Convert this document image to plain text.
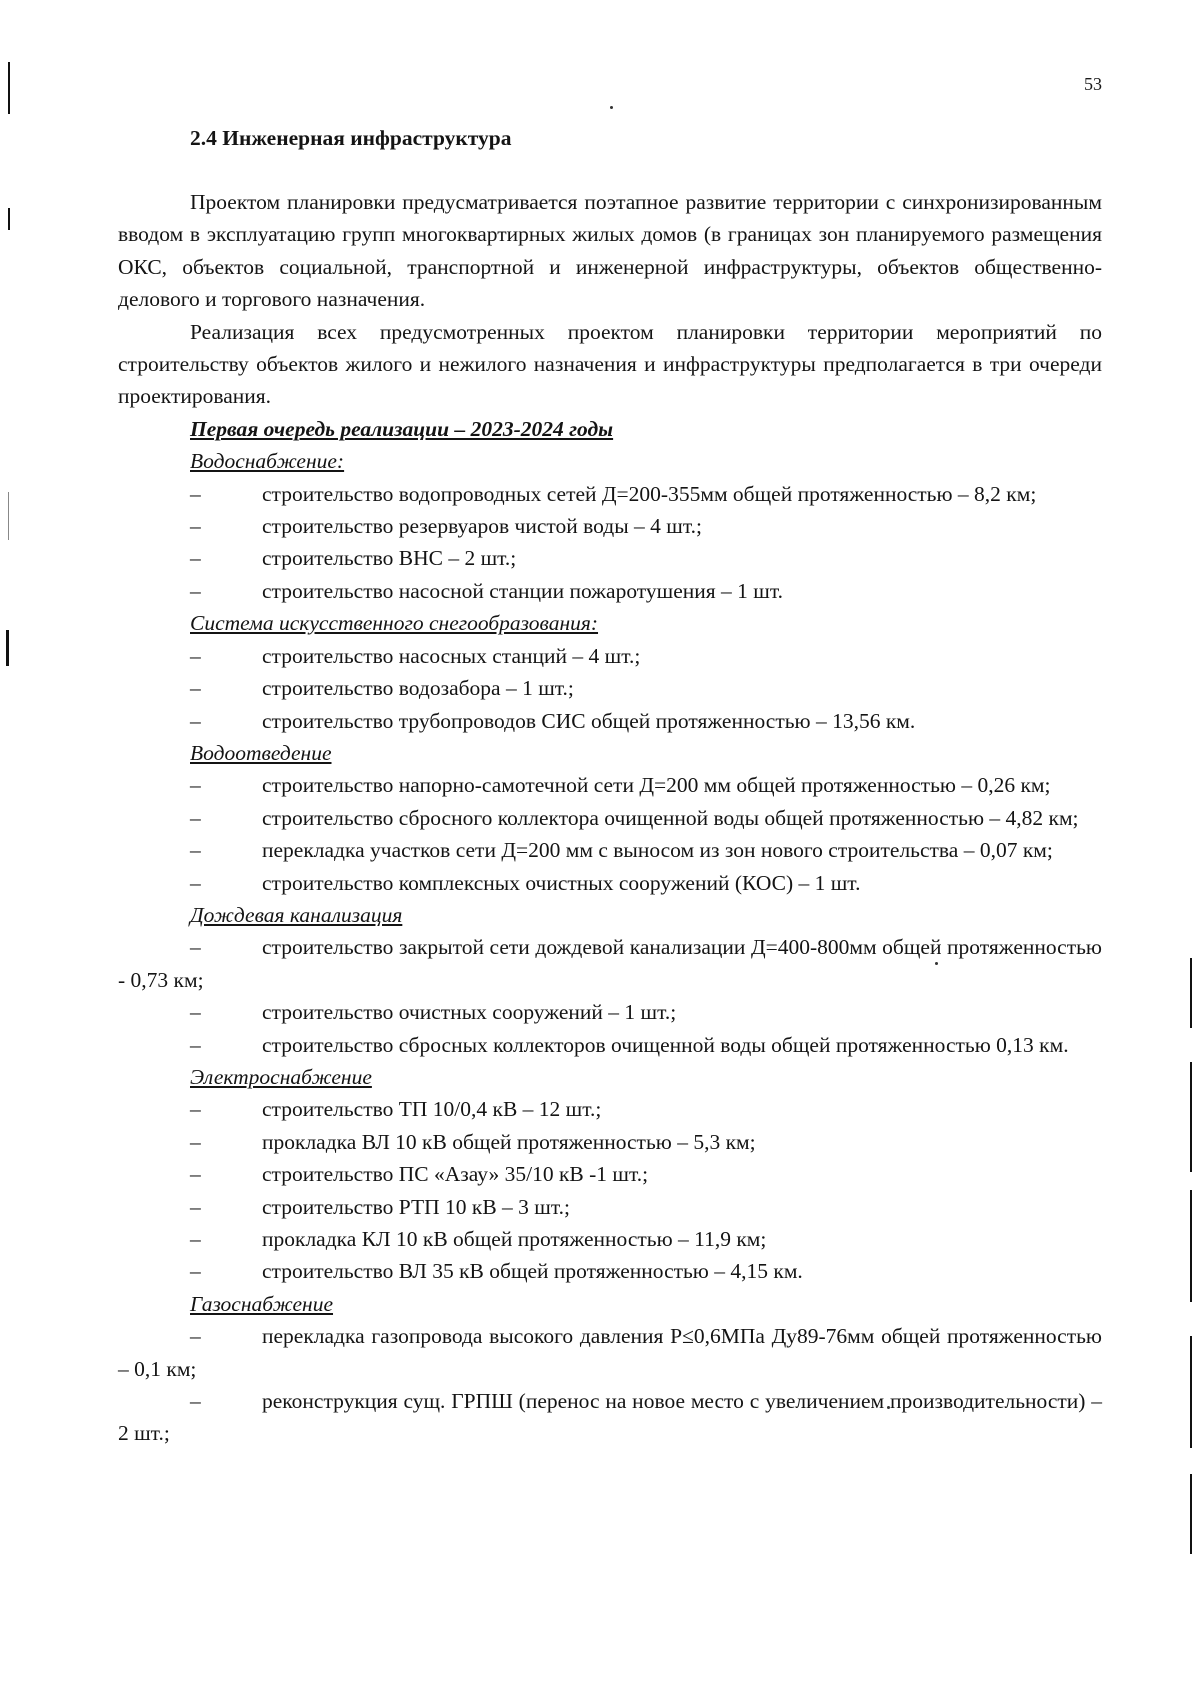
53
2.4 Инженерная инфраструктура

Проектом планировки предусматривается поэтапное развитие территории с синхронизированным вводом в эксплуатацию групп многоквартирных жилых домов (в границах зон планируемого размещения ОКС, объектов социальной, транспортной и инженерной инфраструктуры, объектов общественно-делового и торгового назначения.

Реализация всех предусмотренных проектом планировки территории мероприятий по строительству объектов жилого и нежилого назначения и инфраструктуры предполагается в три очереди проектирования.

Первая очередь реализации – 2023-2024 годы
Водоснабжение:
–	строительство водопроводных сетей Д=200-355мм общей протяженностью – 8,2 км;
–	строительство резервуаров чистой воды – 4 шт.;
–	строительство ВНС – 2 шт.;
–	строительство насосной станции пожаротушения – 1 шт.
Система искусственного снегообразования:
–	строительство насосных станций – 4 шт.;
–	строительство водозабора – 1 шт.;
–	строительство трубопроводов СИС общей протяженностью – 13,56 км.
Водоотведение
–	строительство напорно-самотечной сети Д=200 мм общей протяженностью – 0,26 км;
–	строительство сбросного коллектора очищенной воды общей протяженностью – 4,82 км;
–	перекладка участков сети Д=200 мм с выносом из зон нового строительства – 0,07 км;
–	строительство комплексных очистных сооружений (КОС) – 1 шт.
Дождевая канализация
–	строительство закрытой сети дождевой канализации Д=400-800мм общей протяженностью - 0,73 км;
–	строительство очистных сооружений – 1 шт.;
–	строительство сбросных коллекторов очищенной воды общей протяженностью 0,13 км.
Электроснабжение
–	строительство ТП 10/0,4 кВ – 12 шт.;
–	прокладка ВЛ 10 кВ общей протяженностью – 5,3 км;
–	строительство ПС «Азау» 35/10 кВ -1 шт.;
–	строительство РТП 10 кВ – 3 шт.;
–	прокладка КЛ 10 кВ общей протяженностью – 11,9 км;
–	строительство ВЛ 35 кВ общей протяженностью – 4,15 км.
Газоснабжение
–	перекладка газопровода высокого давления Р≤0,6МПа Ду89-76мм общей протяженностью – 0,1 км;
–	реконструкция сущ. ГРПШ (перенос на новое место с увеличением производительности) – 2 шт.;
